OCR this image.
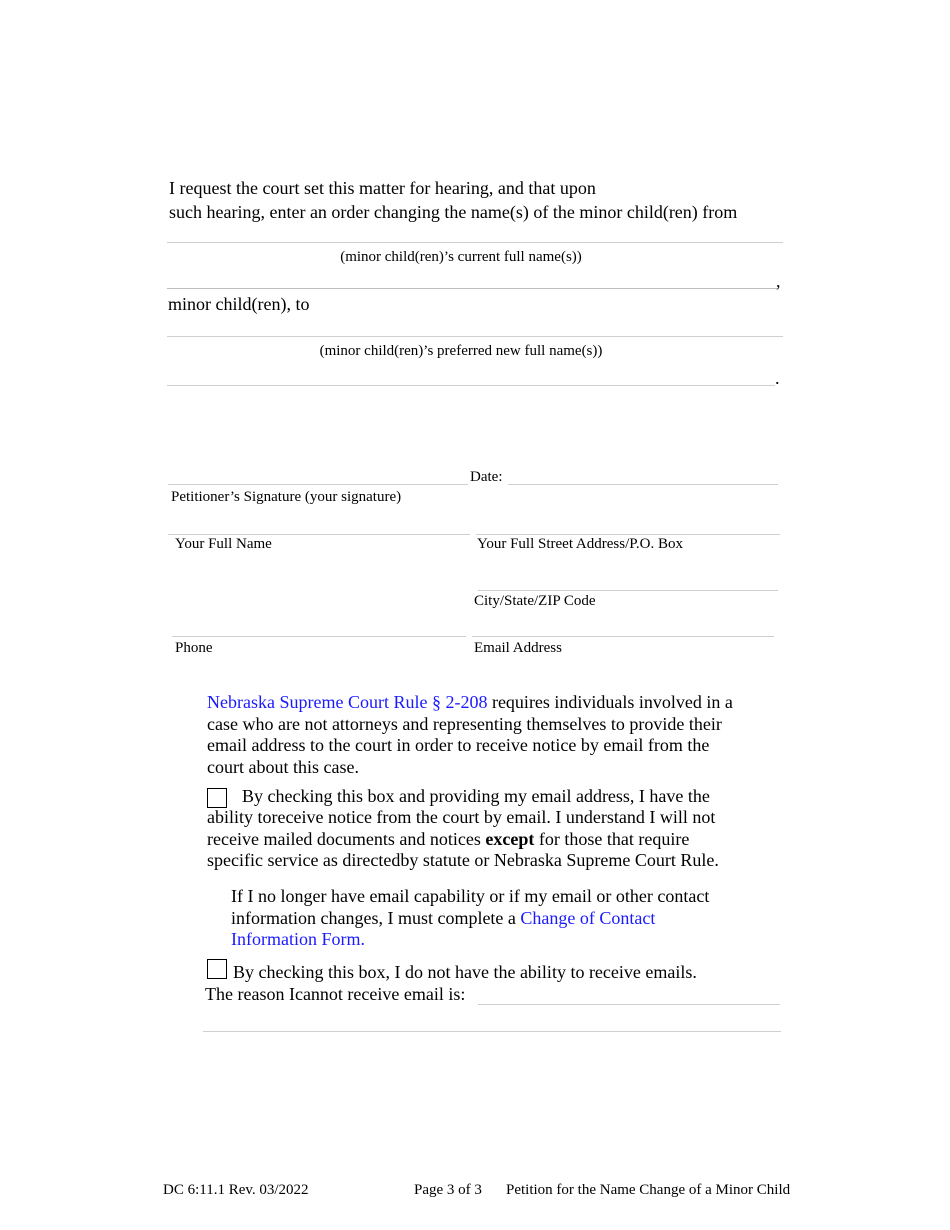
I request the court set this matter for hearing, and that upon
such hearing, enter an order changing the name(s) of the minor child(ren) from
(minor child(ren)’s current full name(s))
,
minor child(ren), to
(minor child(ren)’s preferred new full name(s))
.
Date:
Petitioner’s Signature (your signature)
Your Full Name	Your Full Street Address/P.O. Box
City/State/ZIP Code
Phone	Email Address
Nebraska Supreme Court Rule § 2-208 requires individuals involved in a
case who are not attorneys and representing themselves to provide their
email address to the court in order to receive notice by email from the
court about this case.
By checking this box and providing my email address, I have the
ability toreceive notice from the court by email. I understand I will not
receive mailed documents and notices except for those that require
specific service as directedby statute or Nebraska Supreme Court Rule.
If I no longer have email capability or if my email or other contact
information changes, I must complete a Change of Contact
Information Form.
By checking this box, I do not have the ability to receive emails.
The reason Icannot receive email is:
DC 6:11.1 Rev. 03/2022	Page 3 of 3 Petition for the Name Change of a Minor Child
